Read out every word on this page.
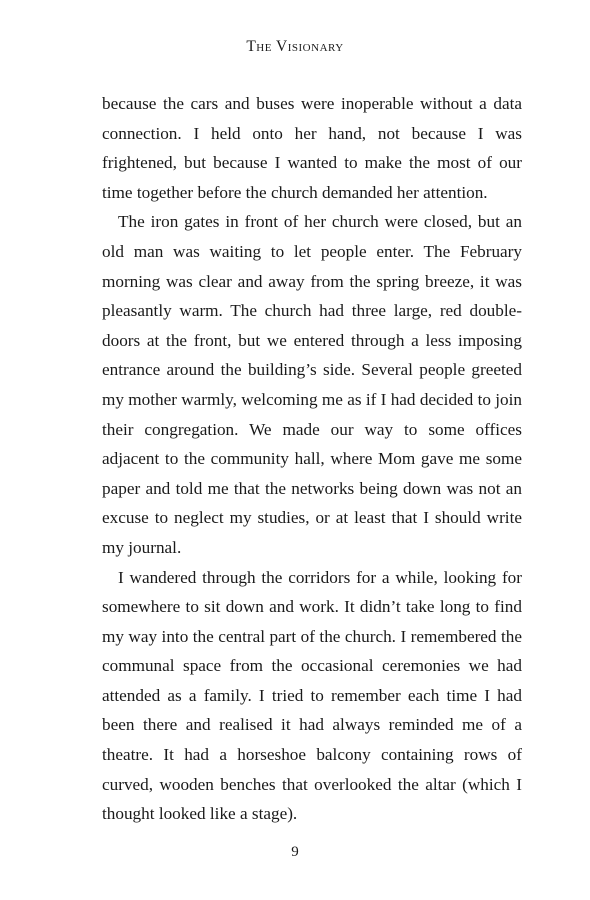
The Visionary

because the cars and buses were inoperable without a data connection. I held onto her hand, not because I was frightened, but because I wanted to make the most of our time together before the church demanded her attention.

The iron gates in front of her church were closed, but an old man was waiting to let people enter. The February morning was clear and away from the spring breeze, it was pleasantly warm. The church had three large, red double-doors at the front, but we entered through a less imposing entrance around the building’s side. Several people greeted my mother warmly, welcoming me as if I had decided to join their congregation. We made our way to some offices adjacent to the community hall, where Mom gave me some paper and told me that the networks being down was not an excuse to neglect my studies, or at least that I should write my journal.

I wandered through the corridors for a while, looking for somewhere to sit down and work. It didn’t take long to find my way into the central part of the church. I remembered the communal space from the occasional ceremonies we had attended as a family. I tried to remember each time I had been there and realised it had always reminded me of a theatre. It had a horseshoe balcony containing rows of curved, wooden benches that overlooked the altar (which I thought looked like a stage).

9
